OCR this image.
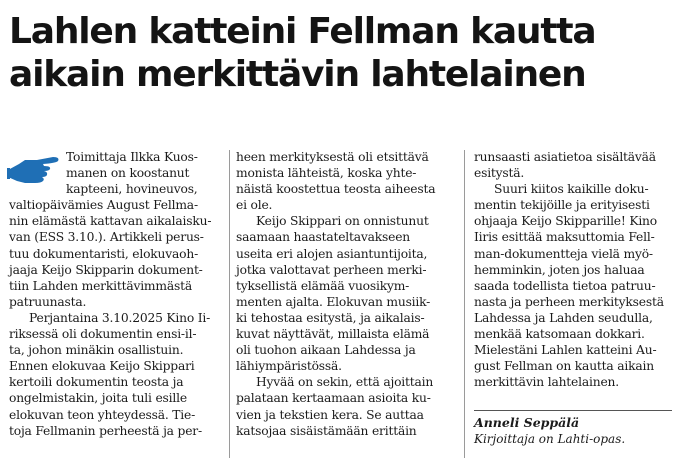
Lahlen katteini Fellman kautta
aikain merkittävin lahtelainen

Toimittaja Ilkka Kuos-
manen on koostanut
kapteeni, hovineuvos,
valtiopäivämies August Fellma-
nin elämästä kattavan aikalaisku-
van (ESS 3.10.). Artikkeli perus-
tuu dokumentaristi, elokuvaoh-
jaaja Keijo Skipparin dokument-
tiin Lahden merkittävimmästä
patruunasta.

Perjantaina 3.10.2025 Kino Ii-
riksessä oli dokumentin ensi-il-
ta, johon minäkin osallistuin.
Ennen elokuvaa Keijo Skippari
kertoili dokumentin teosta ja
ongelmistakin, joita tuli esille
elokuvan teon yhteydessä. Tie-
toja Fellmanin perheestä ja per-

heen merkityksestä oli etsittävä
monista lähteistä, koska yhte-
näistä koostettua teosta aiheesta
ei ole.

Keijo Skippari on onnistunut
saamaan haastateltavakseen
useita eri alojen asiantuntijoita,
jotka valottavat perheen merki-
tyksellistä elämää vuosikym-
menten ajalta. Elokuvan musiik-
ki tehostaa esitystä, ja aikalais-
kuvat näyttävät, millaista elämä
oli tuohon aikaan Lahdessa ja
lähiympäristössä.

Hyvää on sekin, että ajoittain
palataan kertaamaan asioita ku-
vien ja tekstien kera. Se auttaa
katsojaa sisäistämään erittäin

runsaasti asiatietoa sisältävää
esitystä.

Suuri kiitos kaikille doku-
mentin tekijöille ja erityisesti
ohjaaja Keijo Skipparille! Kino
Iiris esittää maksuttomia Fell-
man-dokumentteja vielä myö-
hemminkin, joten jos haluaa
saada todellista tietoa patruu-
nasta ja perheen merkityksestä
Lahdessa ja Lahden seudulla,
menkää katsomaan dokkari.
Mielestäni Lahlen katteini Au-
gust Fellman on kautta aikain
merkittävin lahtelainen.

Anneli Seppälä
Kirjoittaja on Lahti-opas.
